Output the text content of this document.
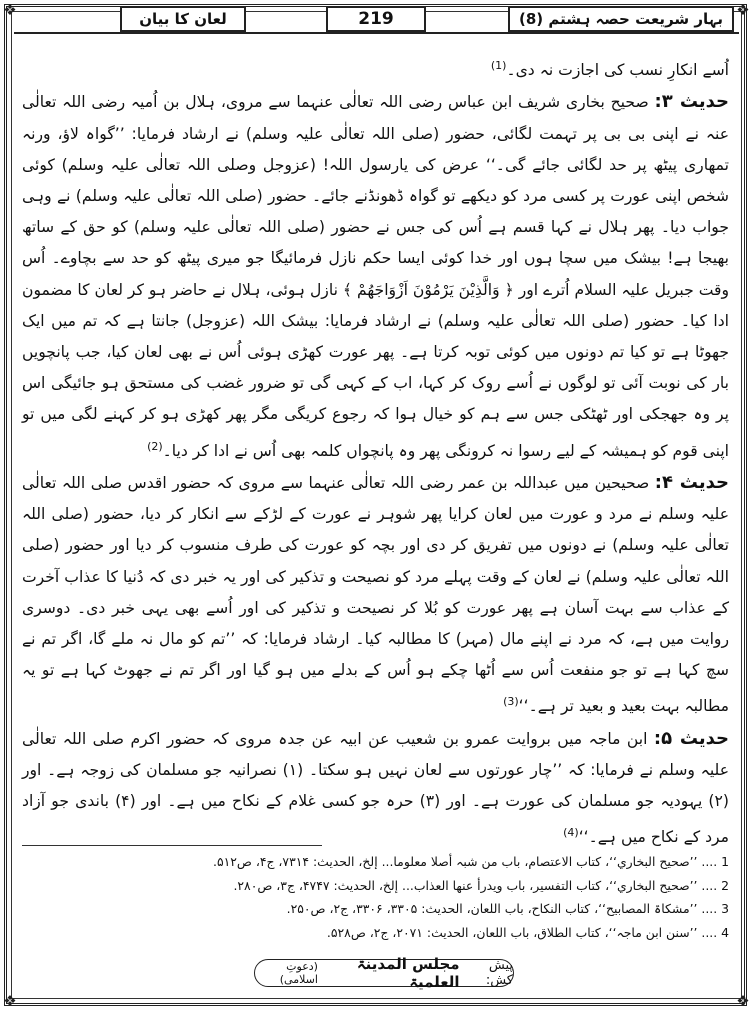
❖	❖
❖	❖
لعان کا بیان	219	بہار شریعت حصہ ہشتم (8)

اُسے انکارِ نسب کی اجازت نہ دی۔$^{(1)}$

حدیث ۳: صحیح بخاری شریف ابن عباس رضی اللہ تعالٰی عنہما سے مروی، ہلال بن اُمیہ رضی اللہ تعالٰی عنہ نے اپنی بی بی پر تہمت لگائی، حضور (صلی اللہ تعالٰی علیہ وسلم) نے ارشاد فرمایا: ’’گواہ لاؤ، ورنہ تمھاری پیٹھ پر حد لگائی جائے گی۔‘‘ عرض کی یارسول اللہ! (عزوجل وصلی اللہ تعالٰی علیہ وسلم) کوئی شخص اپنی عورت پر کسی مرد کو دیکھے تو گواہ ڈھونڈنے جائے۔ حضور (صلی اللہ تعالٰی علیہ وسلم) نے وہی جواب دیا۔ پھر ہلال نے کہا قسم ہے اُس کی جس نے حضور (صلی اللہ تعالٰی علیہ وسلم) کو حق کے ساتھ بھیجا ہے! بیشک میں سچا ہوں اور خدا کوئی ایسا حکم نازل فرمائیگا جو میری پیٹھ کو حد سے بچاوے۔ اُس وقت جبریل علیہ السلام اُترے اور ﴿ وَالَّذِيْنَ يَرْمُوْنَ اَزْوَاجَهُمْ ﴾ نازل ہوئی، ہلال نے حاضر ہو کر لعان کا مضمون ادا کیا۔ حضور (صلی اللہ تعالٰی علیہ وسلم) نے ارشاد فرمایا: بیشک اللہ (عزوجل) جانتا ہے کہ تم میں ایک جھوٹا ہے تو کیا تم دونوں میں کوئی توبہ کرتا ہے۔ پھر عورت کھڑی ہوئی اُس نے بھی لعان کیا، جب پانچویں بار کی نوبت آئی تو لوگوں نے اُسے روک کر کہا، اب کے کہی گی تو ضرور غضب کی مستحق ہو جائیگی اس پر وہ جھجکی اور ٹھٹکی جس سے ہم کو خیال ہوا کہ رجوع کریگی مگر پھر کھڑی ہو کر کہنے لگی میں تو اپنی قوم کو ہمیشہ کے لیے رسوا نہ کرونگی پھر وہ پانچواں کلمہ بھی اُس نے ادا کر دیا۔$^{(2)}$

حدیث ۴: صحیحین میں عبداللہ بن عمر رضی اللہ تعالٰی عنہما سے مروی کہ حضور اقدس صلی اللہ تعالٰی علیہ وسلم نے مرد و عورت میں لعان کرایا پھر شوہر نے عورت کے لڑکے سے انکار کر دیا، حضور (صلی اللہ تعالٰی علیہ وسلم) نے دونوں میں تفریق کر دی اور بچہ کو عورت کی طرف منسوب کر دیا اور حضور (صلی اللہ تعالٰی علیہ وسلم) نے لعان کے وقت پہلے مرد کو نصیحت و تذکیر کی اور یہ خبر دی کہ دُنیا کا عذاب آخرت کے عذاب سے بہت آسان ہے پھر عورت کو بُلا کر نصیحت و تذکیر کی اور اُسے بھی یہی خبر دی۔ دوسری روایت میں ہے، کہ مرد نے اپنے مال (مہر) کا مطالبہ کیا۔ ارشاد فرمایا: کہ ’’تم کو مال نہ ملے گا، اگر تم نے سچ کہا ہے تو جو منفعت اُس سے اُٹھا چکے ہو اُس کے بدلے میں ہو گیا اور اگر تم نے جھوٹ کہا ہے تو یہ مطالبہ بہت بعید و بعید تر ہے۔‘‘$^{(3)}$

حدیث ۵: ابن ماجہ میں بروایت عمرو بن شعیب عن ابیہ عن جدہ مروی کہ حضور اکرم صلی اللہ تعالٰی علیہ وسلم نے فرمایا: کہ ’’چار عورتوں سے لعان نہیں ہو سکتا۔ (۱) نصرانیہ جو مسلمان کی زوجہ ہے۔ اور (۲) یہودیہ جو مسلمان کی عورت ہے۔ اور (۳) حرہ جو کسی غلام کے نکاح میں ہے۔ اور (۴) باندی جو آزاد مرد کے نکاح میں ہے۔‘‘$^{(4)}$

1 .... ’’صحیح البخاري‘‘، کتاب الاعتصام، باب من شبہ أصلا معلوما... إلخ، الحدیث: ۷۳۱۴، ج۴، ص۵۱۲.
2 .... ’’صحیح البخاري‘‘، کتاب التفسیر، باب ویدرأ عنھا العذاب... إلخ، الحدیث: ۴۷۴۷، ج۳، ص۲۸۰.
3 .... ’’مشکاۃ المصابیح‘‘، کتاب النکاح، باب اللعان، الحدیث: ۳۳۰۵، ۳۳۰۶، ج۲، ص۲۵۰.
4 .... ’’سنن ابن ماجہ‘‘، کتاب الطلاق، باب اللعان، الحدیث: ۲۰۷۱، ج۲، ص۵۲۸.
پیش کش:
مجلس المدینۃ العلمیۃ
(دعوتِ اسلامی)
